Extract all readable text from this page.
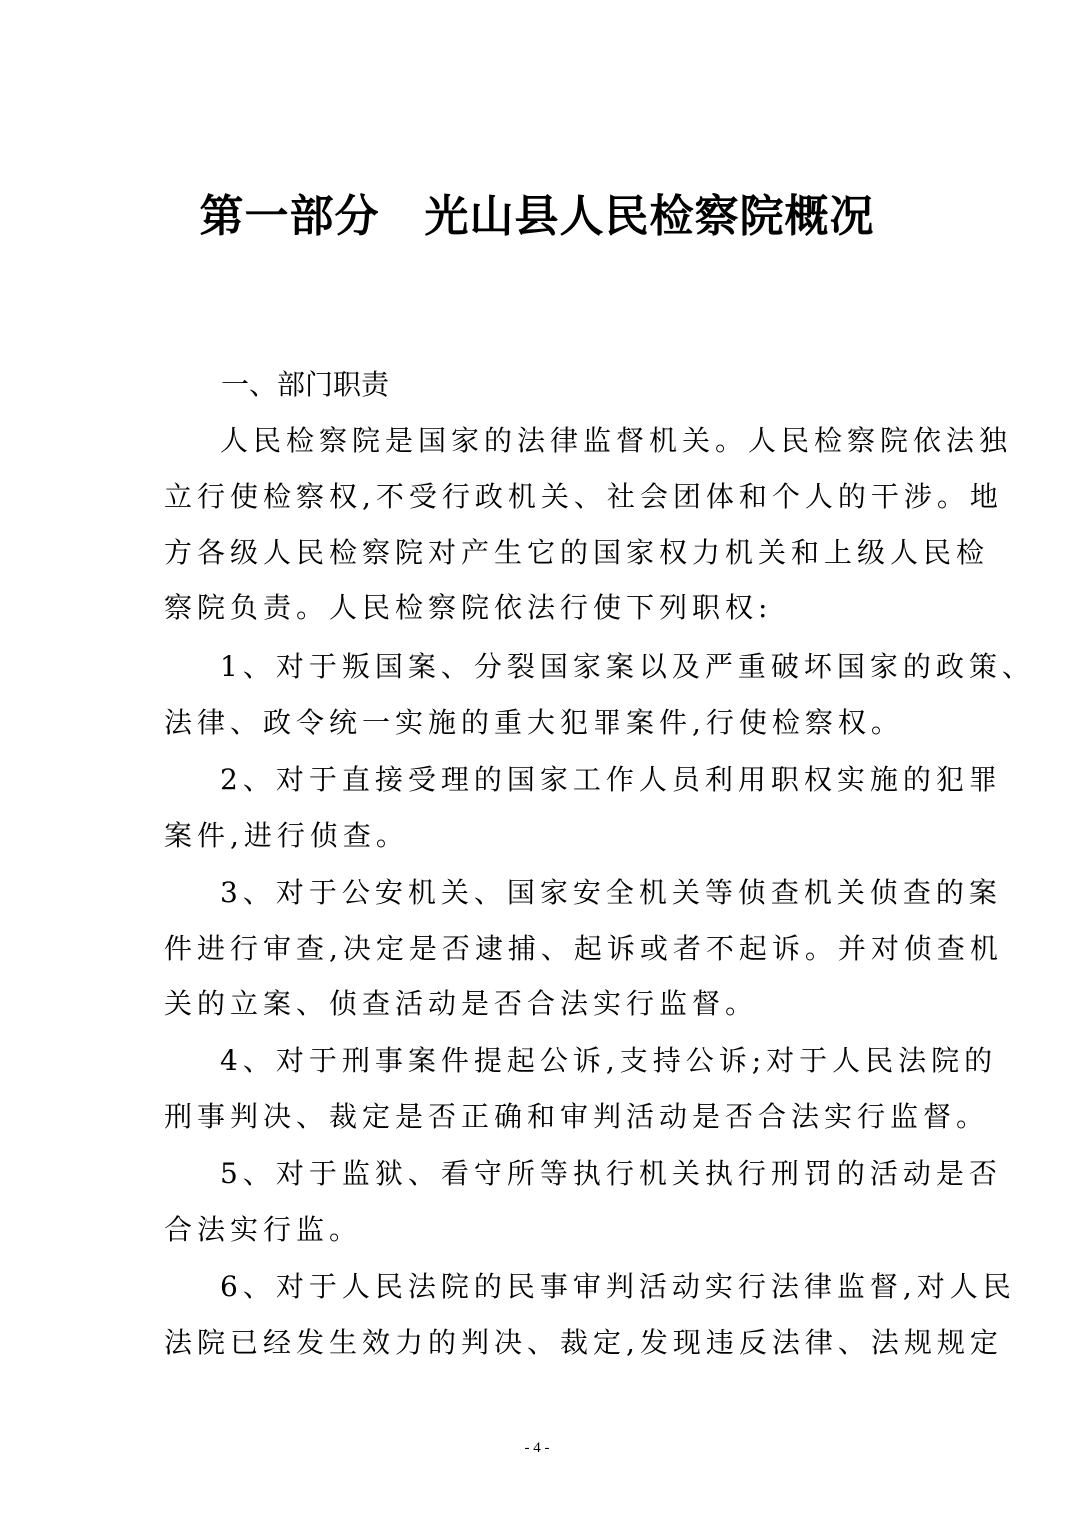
第一部分　光山县人民检察院概况
一、部门职责
人民检察院是国家的法律监督机关。人民检察院依法独
立行使检察权,不受行政机关、社会团体和个人的干涉。地
方各级人民检察院对产生它的国家权力机关和上级人民检
察院负责。人民检察院依法行使下列职权:
1、对于叛国案、分裂国家案以及严重破坏国家的政策、
法律、政令统一实施的重大犯罪案件,行使检察权。
2、对于直接受理的国家工作人员利用职权实施的犯罪
案件,进行侦查。
3、对于公安机关、国家安全机关等侦查机关侦查的案
件进行审查,决定是否逮捕、起诉或者不起诉。并对侦查机
关的立案、侦查活动是否合法实行监督。
4、对于刑事案件提起公诉,支持公诉;对于人民法院的
刑事判决、裁定是否正确和审判活动是否合法实行监督。
5、对于监狱、看守所等执行机关执行刑罚的活动是否
合法实行监。
6、对于人民法院的民事审判活动实行法律监督,对人民
法院已经发生效力的判决、裁定,发现违反法律、法规规定
- 4 -
